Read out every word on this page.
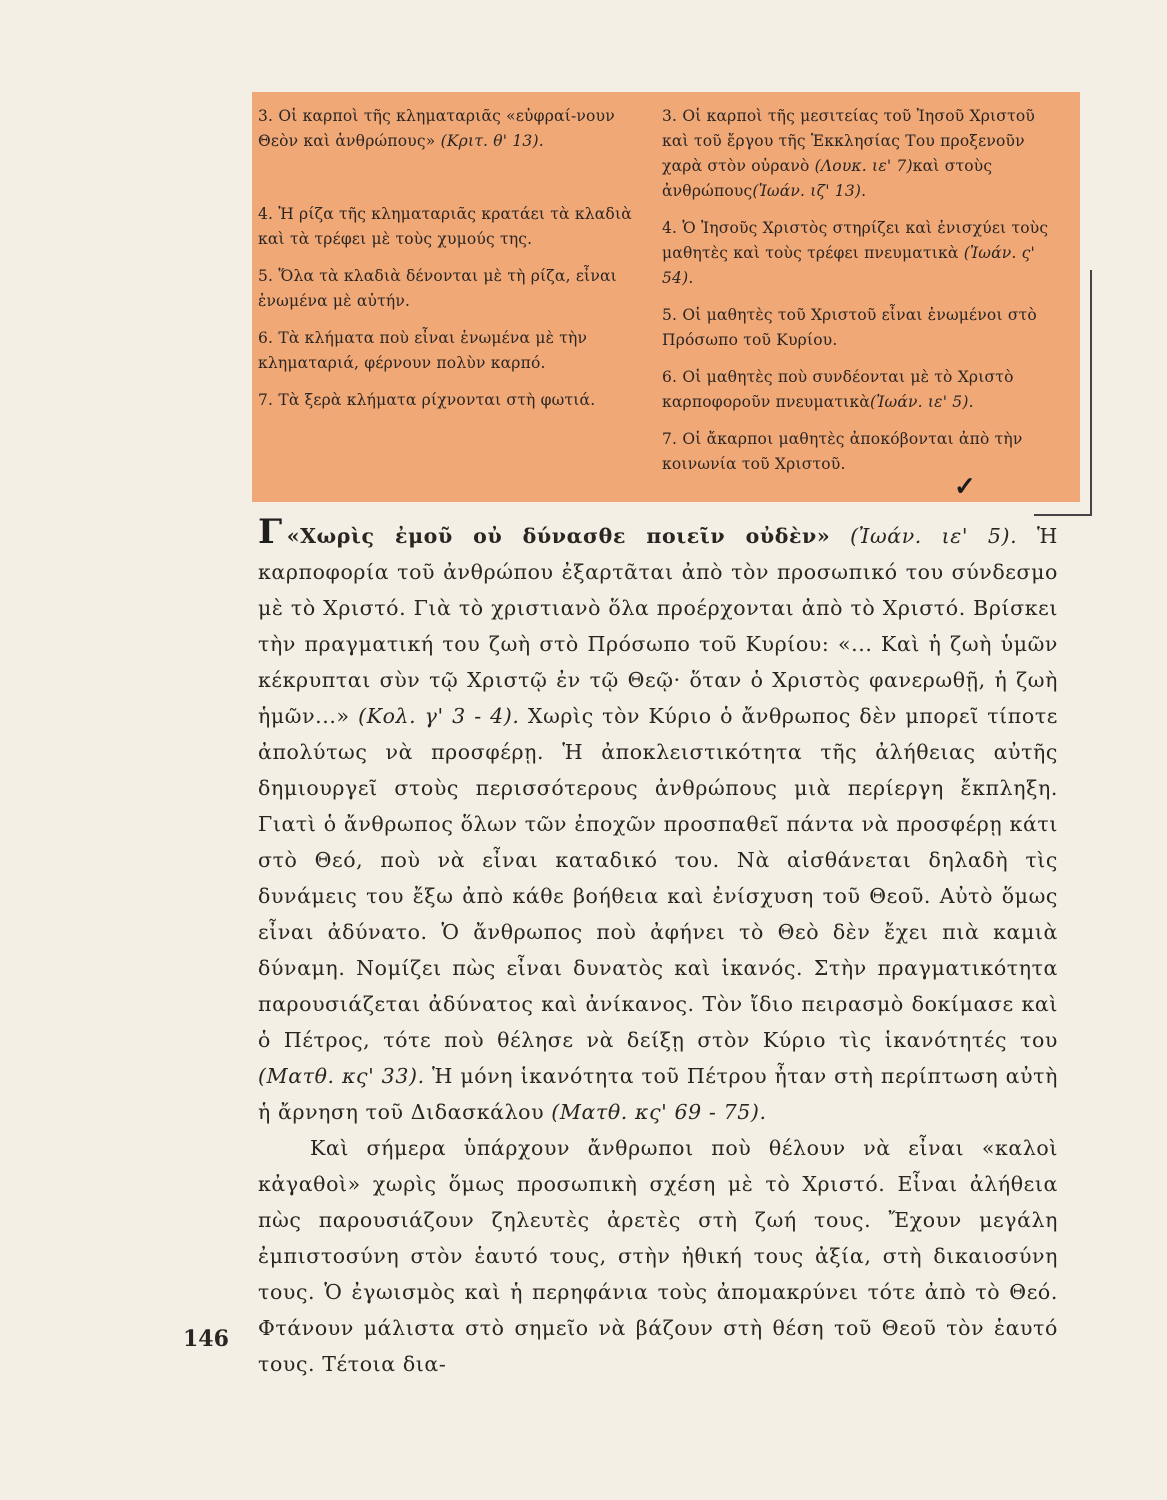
3. Οἱ καρποὶ τῆς κληματαριᾶς «εὐφραί-νουν Θεὸν καὶ ἀνθρώπους» (Κριτ. θ' 13).

4. Ἡ ρίζα τῆς κληματαριᾶς κρατάει τὰ κλαδιὰ καὶ τὰ τρέφει μὲ τοὺς χυμούς της.

5. Ὅλα τὰ κλαδιὰ δένονται μὲ τὴ ρίζα, εἶναι ἑνωμένα μὲ αὐτήν.

6. Τὰ κλήματα ποὺ εἶναι ἑνωμένα μὲ τὴν κληματαριά, φέρνουν πολὺν καρπό.

7. Τὰ ξερὰ κλήματα ρίχνονται στὴ φωτιά.

3. Οἱ καρποὶ τῆς μεσιτείας τοῦ Ἰησοῦ Χριστοῦ καὶ τοῦ ἔργου τῆς Ἐκκλησίας Του προξενοῦν χαρὰ στὸν οὐρανὸ (Λουκ. ιε' 7)καὶ στοὺς ἀνθρώπους(Ἰωάν. ιζ' 13).

4. Ὁ Ἰησοῦς Χριστὸς στηρίζει καὶ ἐνισχύει τοὺς μαθητὲς καὶ τοὺς τρέφει πνευματικὰ (Ἰωάν. ς' 54).

5. Οἱ μαθητὲς τοῦ Χριστοῦ εἶναι ἑνωμένοι στὸ Πρόσωπο τοῦ Κυρίου.

6. Οἱ μαθητὲς ποὺ συνδέονται μὲ τὸ Χριστὸ καρποφοροῦν πνευματικὰ(Ἰωάν. ιε' 5).

7. Οἱ ἄκαρποι μαθητὲς ἀποκόβονται ἀπὸ τὴν κοινωνία τοῦ Χριστοῦ.

✓

Γ «Χωρὶς ἐμοῦ οὐ δύνασθε ποιεῖν οὐδὲν» (Ἰωάν. ιε' 5). Ἡ καρποφορία τοῦ ἀνθρώπου ἐξαρτᾶται ἀπὸ τὸν προσωπικό του σύνδεσμο μὲ τὸ Χριστό. Γιὰ τὸ χριστιανὸ ὅλα προέρχονται ἀπὸ τὸ Χριστό. Βρίσκει τὴν πραγματική του ζωὴ στὸ Πρόσωπο τοῦ Κυρίου: «... Καὶ ἡ ζωὴ ὑμῶν κέκρυπται σὺν τῷ Χριστῷ ἐν τῷ Θεῷ· ὅταν ὁ Χριστὸς φανερωθῇ, ἡ ζωὴ ἡμῶν...» (Κολ. γ' 3 - 4). Χωρὶς τὸν Κύριο ὁ ἄνθρωπος δὲν μπορεῖ τίποτε ἀπολύτως νὰ προσφέρῃ. Ἡ ἀποκλειστικότητα τῆς ἀλήθειας αὐτῆς δημιουργεῖ στοὺς περισσότερους ἀνθρώπους μιὰ περίεργη ἔκπληξη. Γιατὶ ὁ ἄνθρωπος ὅλων τῶν ἐποχῶν προσπαθεῖ πάντα νὰ προσφέρῃ κάτι στὸ Θεό, ποὺ νὰ εἶναι καταδικό του. Νὰ αἰσθάνεται δηλαδὴ τὶς δυνάμεις του ἔξω ἀπὸ κάθε βοήθεια καὶ ἐνίσχυση τοῦ Θεοῦ. Αὐτὸ ὅμως εἶναι ἀδύνατο. Ὁ ἄνθρωπος ποὺ ἀφήνει τὸ Θεὸ δὲν ἔχει πιὰ καμιὰ δύναμη. Νομίζει πὼς εἶναι δυνατὸς καὶ ἱκανός. Στὴν πραγματικότητα παρουσιάζεται ἀδύνατος καὶ ἀνίκανος. Τὸν ἴδιο πειρασμὸ δοκίμασε καὶ ὁ Πέτρος, τότε ποὺ θέλησε νὰ δείξῃ στὸν Κύριο τὶς ἱκανότητές του (Ματθ. κς' 33). Ἡ μόνη ἱκανότητα τοῦ Πέτρου ἦταν στὴ περίπτωση αὐτὴ ἡ ἄρνηση τοῦ Διδασκάλου (Ματθ. κς' 69 - 75).

Καὶ σήμερα ὑπάρχουν ἄνθρωποι ποὺ θέλουν νὰ εἶναι «καλοὶ κἀγαθοὶ» χωρὶς ὅμως προσωπικὴ σχέση μὲ τὸ Χριστό. Εἶναι ἀλήθεια πὼς παρουσιάζουν ζηλευτὲς ἀρετὲς στὴ ζωή τους. Ἔχουν μεγάλη ἐμπιστοσύνη στὸν ἑαυτό τους, στὴν ἠθική τους ἀξία, στὴ δικαιοσύνη τους. Ὁ ἐγωισμὸς καὶ ἡ περηφάνια τοὺς ἀπομακρύνει τότε ἀπὸ τὸ Θεό. Φτάνουν μάλιστα στὸ σημεῖο νὰ βάζουν στὴ θέση τοῦ Θεοῦ τὸν ἑαυτό τους. Τέτοια δια-

146
